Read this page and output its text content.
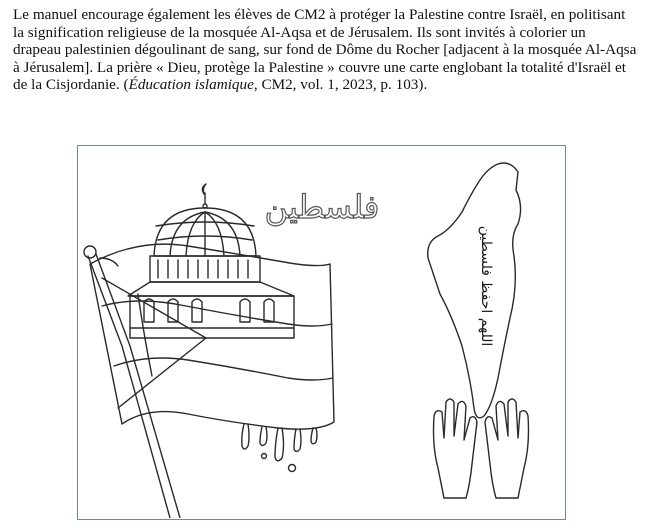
Le manuel encourage également les élèves de CM2 à protéger la Palestine contre Israël, en politisant la signification religieuse de la mosquée Al-Aqsa et de Jérusalem. Ils sont invités à colorier un drapeau palestinien dégoulinant de sang, sur fond de Dôme du Rocher [adjacent à la mosquée Al-Aqsa à Jérusalem]. La prière « Dieu, protège la Palestine » couvre une carte englobant la totalité d'Israël et de la Cisjordanie. (Éducation islamique, CM2, vol. 1, 2023, p. 103).

فلسطين
اللهم احفظ فلسطين
